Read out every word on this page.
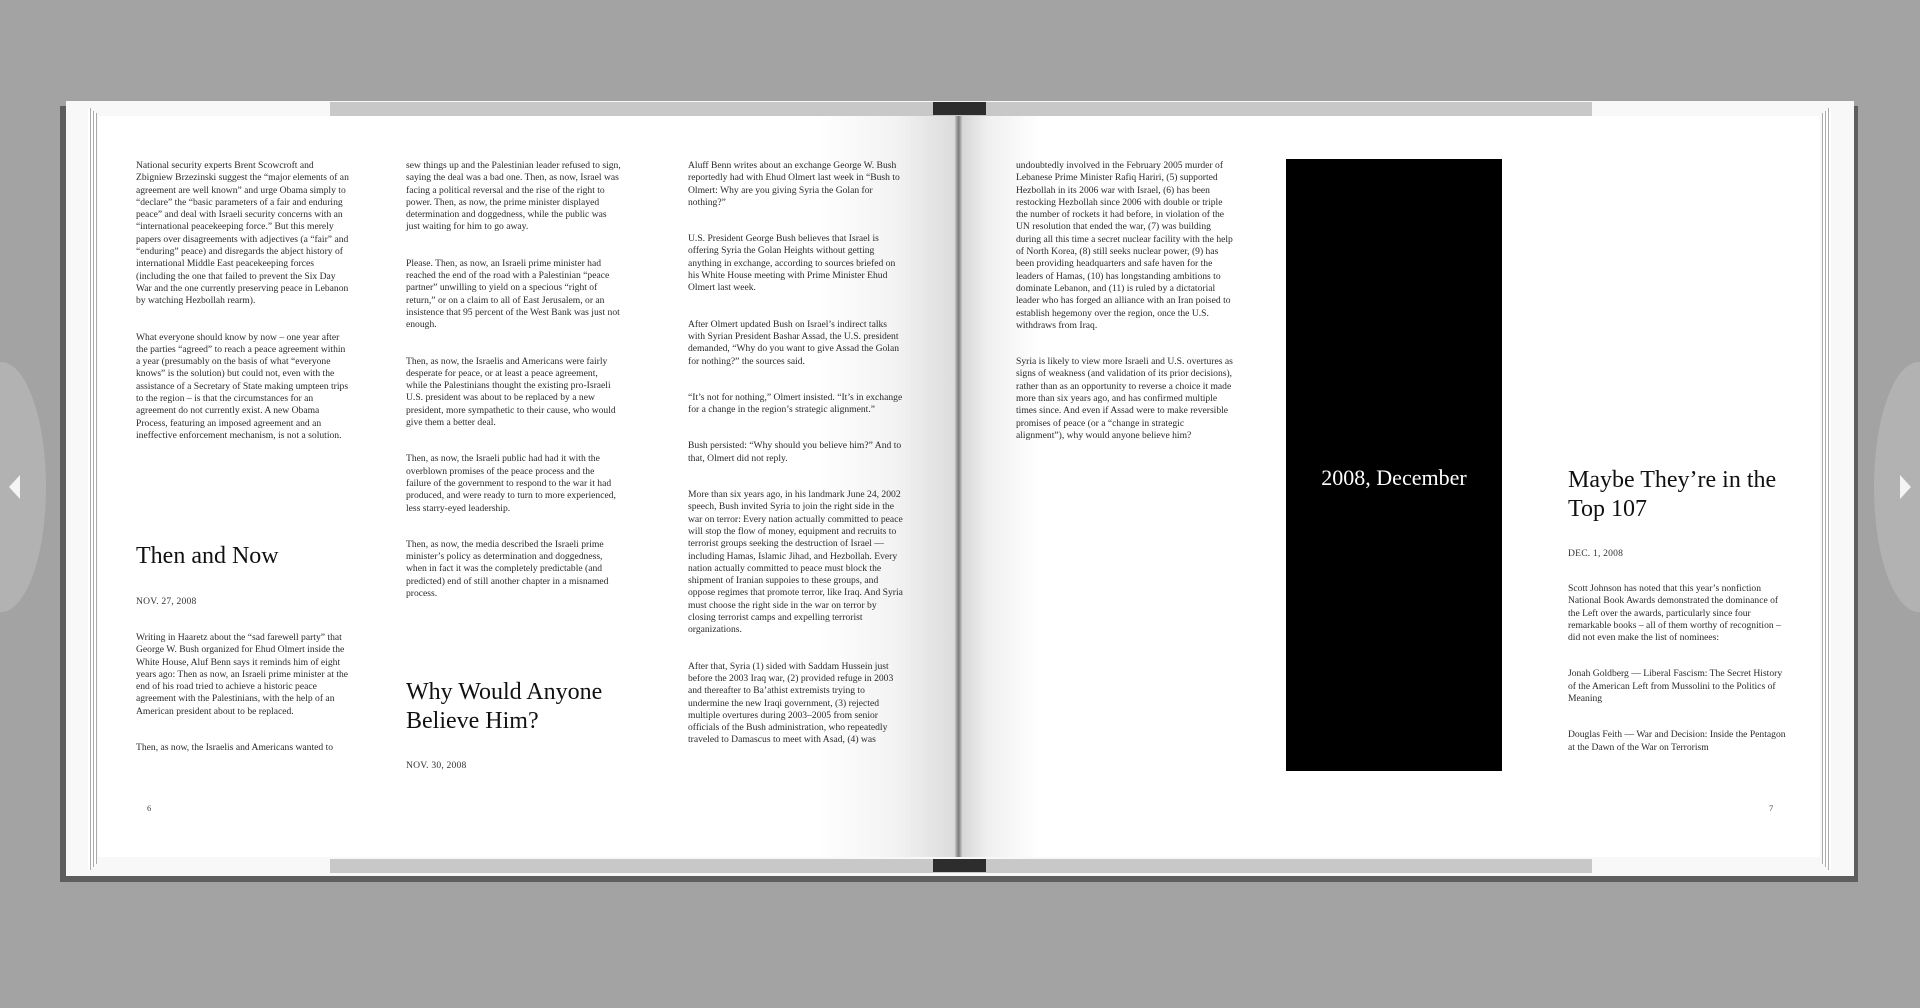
National security experts Brent Scowcroft and Zbigniew Brzezinski suggest the “major elements of an agreement are well known” and urge Obama simply to “declare” the “basic parameters of a fair and enduring peace” and deal with Israeli security concerns with an “international peacekeeping force.” But this merely papers over disagreements with adjectives (a “fair” and “enduring” peace) and disregards the abject history of international Middle East peacekeeping forces (including the one that failed to prevent the Six Day War and the one currently preserving peace in Lebanon by watching Hezbollah rearm).

What everyone should know by now – one year after the parties “agreed” to reach a peace agreement within a year (presumably on the basis of what “everyone knows” is the solution) but could not, even with the assistance of a Secretary of State making umpteen trips to the region – is that the circumstances for an agreement do not currently exist. A new Obama Process, featuring an imposed agreement and an ineffective enforcement mechanism, is not a solution.

Then and Now
NOV. 27, 2008

Writing in Haaretz about the “sad farewell party” that George W. Bush organized for Ehud Olmert inside the White House, Aluf Benn says it reminds him of eight years ago: Then as now, an Israeli prime minister at the end of his road tried to achieve a historic peace agreement with the Palestinians, with the help of an American president about to be replaced.

Then, as now, the Israelis and Americans wanted to

sew things up and the Palestinian leader refused to sign, saying the deal was a bad one. Then, as now, Israel was facing a political reversal and the rise of the right to power. Then, as now, the prime minister displayed determination and doggedness, while the public was just waiting for him to go away.

Please. Then, as now, an Israeli prime minister had reached the end of the road with a Palestinian “peace partner” unwilling to yield on a specious “right of return,” or on a claim to all of East Jerusalem, or an insistence that 95 percent of the West Bank was just not enough.

Then, as now, the Israelis and Americans were fairly desperate for peace, or at least a peace agreement, while the Palestinians thought the existing pro-Israeli U.S. president was about to be replaced by a new president, more sympathetic to their cause, who would give them a better deal.

Then, as now, the Israeli public had had it with the overblown promises of the peace process and the failure of the government to respond to the war it had produced, and were ready to turn to more experienced, less starry-eyed leadership.

Then, as now, the media described the Israeli prime minister’s policy as determination and doggedness, when in fact it was the completely predictable (and predicted) end of still another chapter in a misnamed process.

Why Would Anyone Believe Him?
NOV. 30, 2008

Aluff Benn writes about an exchange George W. Bush reportedly had with Ehud Olmert last week in “Bush to Olmert: Why are you giving Syria the Golan for nothing?”

U.S. President George Bush believes that Israel is offering Syria the Golan Heights without getting anything in exchange, according to sources briefed on his White House meeting with Prime Minister Ehud Olmert last week.

After Olmert updated Bush on Israel’s indirect talks with Syrian President Bashar Assad, the U.S. president demanded, “Why do you want to give Assad the Golan for nothing?” the sources said.

“It’s not for nothing,” Olmert insisted. “It’s in exchange for a change in the region’s strategic alignment.”

Bush persisted: “Why should you believe him?” And to that, Olmert did not reply.

More than six years ago, in his landmark June 24, 2002 speech, Bush invited Syria to join the right side in the war on terror: Every nation actually committed to peace will stop the flow of money, equipment and recruits to terrorist groups seeking the destruction of Israel — including Hamas, Islamic Jihad, and Hezbollah. Every nation actually committed to peace must block the shipment of Iranian suppoies to these groups, and oppose regimes that promote terror, like Iraq. And Syria must choose the right side in the war on terror by closing terrorist camps and expelling terrorist organizations.

After that, Syria (1) sided with Saddam Hussein just before the 2003 Iraq war, (2) provided refuge in 2003 and thereafter to Ba’athist extremists trying to undermine the new Iraqi government, (3) rejected multiple overtures during 2003–2005 from senior officials of the Bush administration, who repeatedly traveled to Damascus to meet with Asad, (4) was

6

undoubtedly involved in the February 2005 murder of Lebanese Prime Minister Rafiq Hariri, (5) supported Hezbollah in its 2006 war with Israel, (6) has been restocking Hezbollah since 2006 with double or triple the number of rockets it had before, in violation of the UN resolution that ended the war, (7) was building during all this time a secret nuclear facility with the help of North Korea, (8) still seeks nuclear power, (9) has been providing headquarters and safe haven for the leaders of Hamas, (10) has longstanding ambitions to dominate Lebanon, and (11) is ruled by a dictatorial leader who has forged an alliance with an Iran poised to establish hegemony over the region, once the U.S. withdraws from Iraq.

Syria is likely to view more Israeli and U.S. overtures as signs of weakness (and validation of its prior decisions), rather than as an opportunity to reverse a choice it made more than six years ago, and has confirmed multiple times since. And even if Assad were to make reversible promises of peace (or a “change in strategic alignment”), why would anyone believe him?

2008, December	Maybe They’re in the Top 107
DEC. 1, 2008

Scott Johnson has noted that this year’s nonfiction National Book Awards demonstrated the dominance of the Left over the awards, particularly since four remarkable books – all of them worthy of recognition – did not even make the list of nominees:

Jonah Goldberg — Liberal Fascism: The Secret History of the American Left from Mussolini to the Politics of Meaning

Douglas Feith — War and Decision: Inside the Pentagon at the Dawn of the War on Terrorism

7
